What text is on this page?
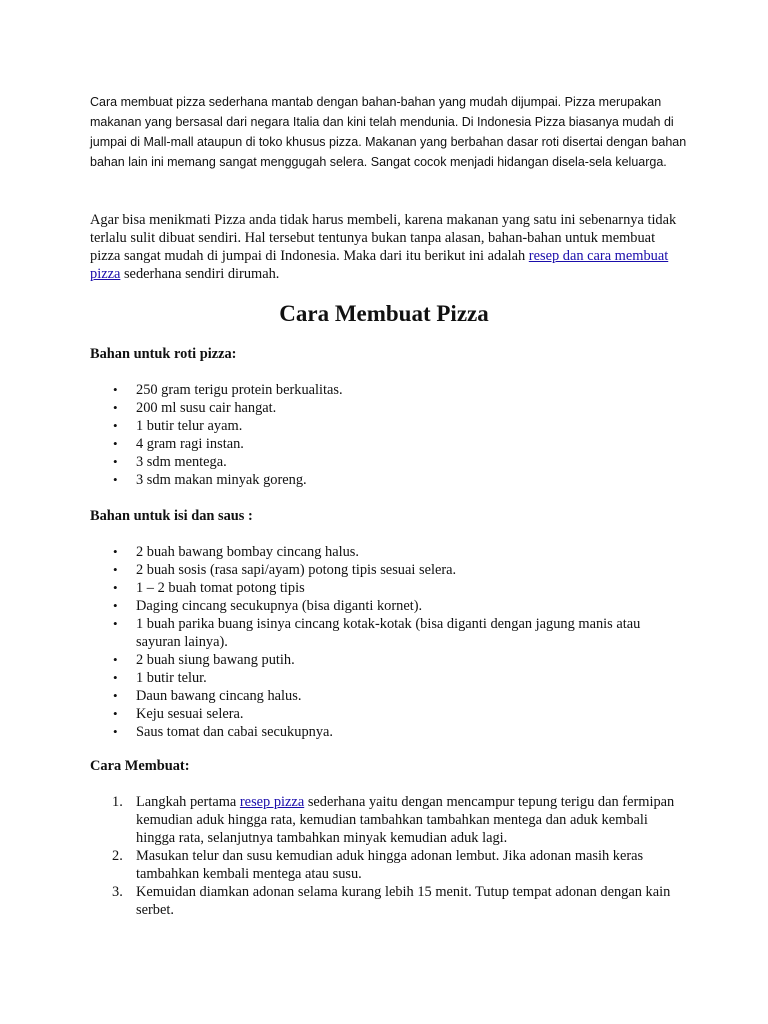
Cara membuat pizza sederhana mantab dengan bahan-bahan yang mudah dijumpai. Pizza merupakan makanan yang bersasal dari negara Italia dan kini telah mendunia. Di Indonesia Pizza biasanya mudah di jumpai di Mall-mall ataupun di toko khusus pizza. Makanan yang berbahan dasar roti disertai dengan bahan bahan lain ini memang sangat menggugah selera. Sangat cocok menjadi hidangan disela-sela keluarga.

Agar bisa menikmati Pizza anda tidak harus membeli, karena makanan yang satu ini sebenarnya tidak terlalu sulit dibuat sendiri. Hal tersebut tentunya bukan tanpa alasan, bahan-bahan untuk membuat pizza sangat mudah di jumpai di Indonesia. Maka dari itu berikut ini adalah resep dan cara membuat pizza sederhana sendiri dirumah.

Cara Membuat Pizza

Bahan untuk roti pizza:

• 250 gram terigu protein berkualitas.
• 200 ml susu cair hangat.
• 1 butir telur ayam.
• 4 gram ragi instan.
• 3 sdm mentega.
• 3 sdm makan minyak goreng.

Bahan untuk isi dan saus :

• 2 buah bawang bombay cincang halus.
• 2 buah sosis (rasa sapi/ayam) potong tipis sesuai selera.
• 1 – 2 buah tomat potong tipis
• Daging cincang secukupnya (bisa diganti kornet).
• 1 buah parika buang isinya cincang kotak-kotak (bisa diganti dengan jagung manis atau sayuran lainya).
• 2 buah siung bawang putih.
• 1 butir telur.
• Daun bawang cincang halus.
• Keju sesuai selera.
• Saus tomat dan cabai secukupnya.

Cara Membuat:

1. Langkah pertama resep pizza sederhana yaitu dengan mencampur tepung terigu dan fermipan kemudian aduk hingga rata, kemudian tambahkan tambahkan mentega dan aduk kembali hingga rata, selanjutnya tambahkan minyak kemudian aduk lagi.
2. Masukan telur dan susu kemudian aduk hingga adonan lembut. Jika adonan masih keras tambahkan kembali mentega atau susu.
3. Kemuidan diamkan adonan selama kurang lebih 15 menit. Tutup tempat adonan dengan kain serbet.
